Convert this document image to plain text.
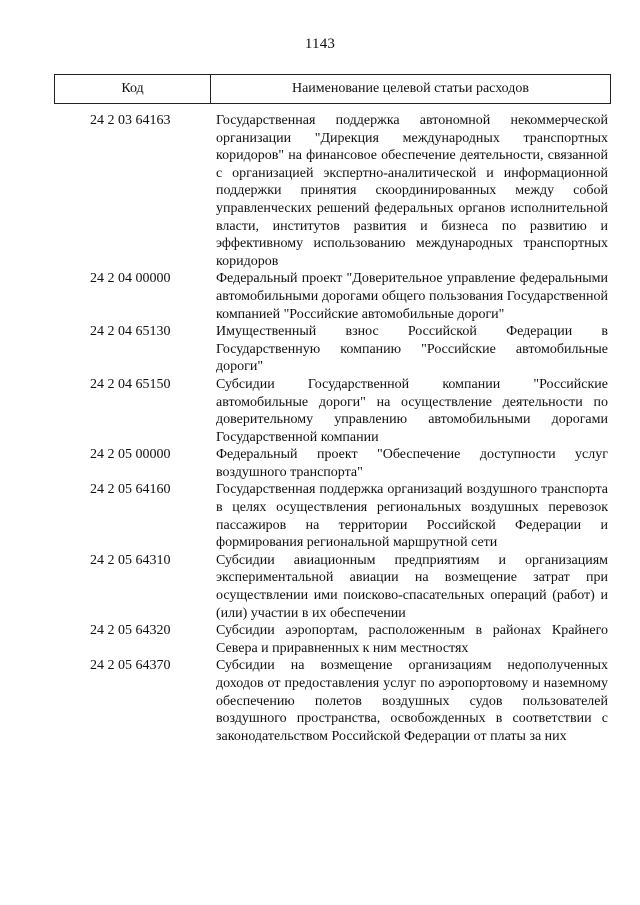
1143
Код	Наименование целевой статьи расходов
24 2 03 64163	Государственная поддержка автономной некоммерческой организации "Дирекция международных транспортных коридоров" на финансовое обеспечение деятельности, связанной с организацией экспертно-аналитической и информационной поддержки принятия скоординированных между собой управленческих решений федеральных органов исполнительной власти, институтов развития и бизнеса по развитию и эффективному использованию международных транспортных коридоров
24 2 04 00000	Федеральный проект "Доверительное управление федеральными автомобильными дорогами общего пользования Государственной компанией "Российские автомобильные дороги"
24 2 04 65130	Имущественный взнос Российской Федерации в Государственную компанию "Российские автомобильные дороги"
24 2 04 65150	Субсидии Государственной компании "Российские автомобильные дороги" на осуществление деятельности по доверительному управлению автомобильными дорогами Государственной компании
24 2 05 00000	Федеральный проект "Обеспечение доступности услуг воздушного транспорта"
24 2 05 64160	Государственная поддержка организаций воздушного транспорта в целях осуществления региональных воздушных перевозок пассажиров на территории Российской Федерации и формирования региональной маршрутной сети
24 2 05 64310	Субсидии авиационным предприятиям и организациям экспериментальной авиации на возмещение затрат при осуществлении ими поисково-спасательных операций (работ) и (или) участии в их обеспечении
24 2 05 64320	Субсидии аэропортам, расположенным в районах Крайнего Севера и приравненных к ним местностях
24 2 05 64370	Субсидии на возмещение организациям недополученных доходов от предоставления услуг по аэропортовому и наземному обеспечению полетов воздушных судов пользователей воздушного пространства, освобожденных в соответствии с законодательством Российской Федерации от платы за них
